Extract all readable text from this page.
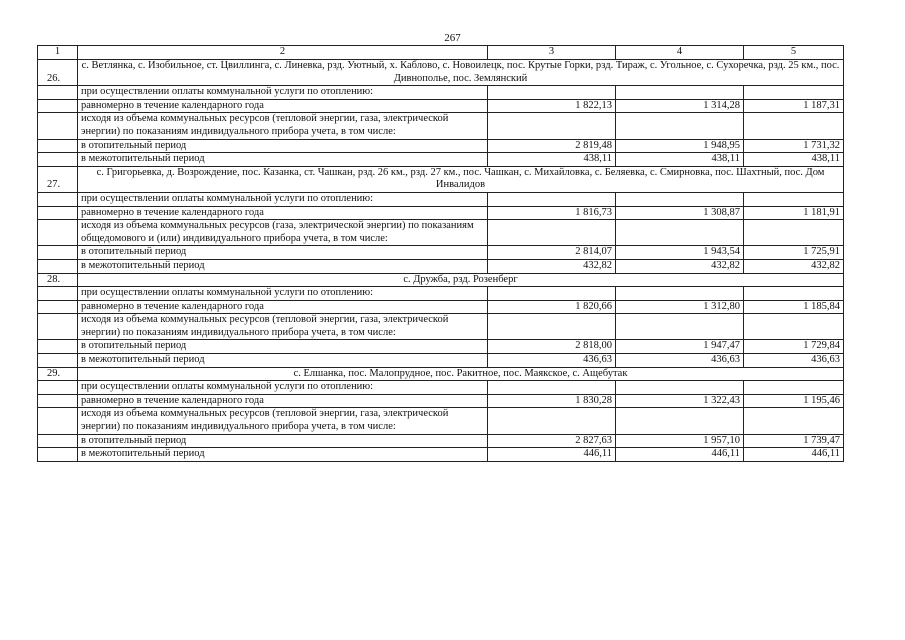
267
1	2	3	4	5
26.	с. Ветлянка, с. Изобильное, ст. Цвиллинга, с. Линевка, рзд. Уютный, х. Каблово, с. Новоилецк, пос. Крутые Горки, рзд. Тираж, с. Угольное, с. Сухоречка, рзд. 25 км., пос. Дивнополье, пос. Землянский			
	при осуществлении оплаты коммунальной услуги по отоплению:			
	равномерно в течение календарного года	1 822,13	1 314,28	1 187,31
	исходя из объема коммунальных ресурсов (тепловой энергии, газа, электрической энергии) по показаниям индивидуального прибора учета, в том числе:			
	в отопительный период	2 819,48	1 948,95	1 731,32
	в межотопительный период	438,11	438,11	438,11
27.	с. Григорьевка, д. Возрождение, пос. Казанка, ст. Чашкан, рзд. 26 км., рзд. 27 км., пос. Чашкан, с. Михайловка, с. Беляевка, с. Смирновка, пос. Шахтный, пос. Дом Инвалидов			
	при осуществлении оплаты коммунальной услуги по отоплению:			
	равномерно в течение календарного года	1 816,73	1 308,87	1 181,91
	исходя из объема коммунальных ресурсов (газа, электрической энергии) по показаниям общедомового и (или) индивидуального прибора учета, в том числе:			
	в отопительный период	2 814,07	1 943,54	1 725,91
	в межотопительный период	432,82	432,82	432,82
28.	с. Дружба, рзд. Розенберг			
	при осуществлении оплаты коммунальной услуги по отоплению:			
	равномерно в течение календарного года	1 820,66	1 312,80	1 185,84
	исходя из объема коммунальных ресурсов (тепловой энергии, газа, электрической энергии) по показаниям индивидуального прибора учета, в том числе:			
	в отопительный период	2 818,00	1 947,47	1 729,84
	в межотопительный период	436,63	436,63	436,63
29.	с. Елшанка, пос. Малопрудное, пос. Ракитное, пос. Маякское, с. Ащебутак			
	при осуществлении оплаты коммунальной услуги по отоплению:			
	равномерно в течение календарного года	1 830,28	1 322,43	1 195,46
	исходя из объема коммунальных ресурсов (тепловой энергии, газа, электрической энергии) по показаниям индивидуального прибора учета, в том числе:			
	в отопительный период	2 827,63	1 957,10	1 739,47
	в межотопительный период	446,11	446,11	446,11
